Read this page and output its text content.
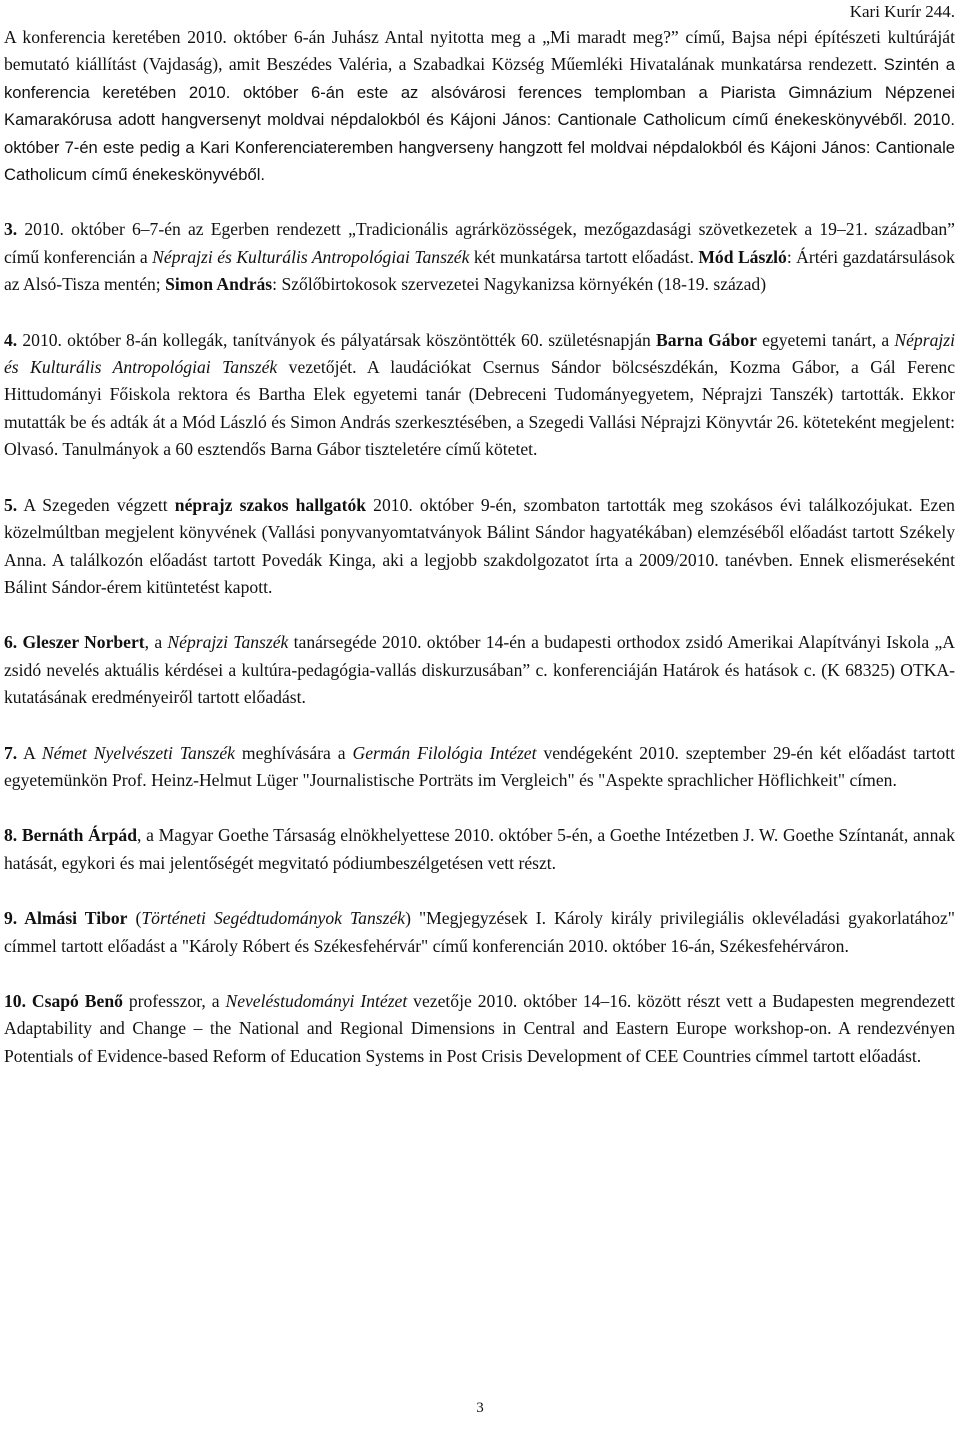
Kari Kurír 244.

A konferencia keretében 2010. október 6-án Juhász Antal nyitotta meg a „Mi maradt meg?” című, Bajsa népi építészeti kultúráját bemutató kiállítást (Vajdaság), amit Beszédes Valéria, a Szabadkai Község Műemléki Hivatalának munkatársa rendezett. Szintén a konferencia keretében 2010. október 6-án este az alsóvárosi ferences templomban a Piarista Gimnázium Népzenei Kamarakórusa adott hangversenyt moldvai népdalokból és Kájoni János: Cantionale Catholicum című énekeskönyvéből. 2010. október 7-én este pedig a Kari Konferenciateremben hangverseny hangzott fel moldvai népdalokból és Kájoni János: Cantionale Catholicum című énekeskönyvéből.

3. 2010. október 6–7-én az Egerben rendezett „Tradicionális agrárközösségek, mezőgazdasági szövetkezetek a 19–21. században” című konferencián a Néprajzi és Kulturális Antropológiai Tanszék két munkatársa tartott előadást. Mód László: Ártéri gazdatársulások az Alsó-Tisza mentén; Simon András: Szőlőbirtokosok szervezetei Nagykanizsa környékén (18-19. század)

4. 2010. október 8-án kollegák, tanítványok és pályatársak köszöntötték 60. születésnapján Barna Gábor egyetemi tanárt, a Néprajzi és Kulturális Antropológiai Tanszék vezetőjét. A laudációkat Csernus Sándor bölcsészdékán, Kozma Gábor, a Gál Ferenc Hittudományi Főiskola rektora és Bartha Elek egyetemi tanár (Debreceni Tudományegyetem, Néprajzi Tanszék) tartották. Ekkor mutatták be és adták át a Mód László és Simon András szerkesztésében, a Szegedi Vallási Néprajzi Könyvtár 26. köteteként megjelent: Olvasó. Tanulmányok a 60 esztendős Barna Gábor tiszteletére című kötetet.

5. A Szegeden végzett néprajz szakos hallgatók 2010. október 9-én, szombaton tartották meg szokásos évi találkozójukat. Ezen közelmúltban megjelent könyvének (Vallási ponyvanyomtatványok Bálint Sándor hagyatékában) elemzéséből előadást tartott Székely Anna. A találkozón előadást tartott Povedák Kinga, aki a legjobb szakdolgozatot írta a 2009/2010. tanévben. Ennek elismeréseként Bálint Sándor-érem kitüntetést kapott.

6. Gleszer Norbert, a Néprajzi Tanszék tanársegéde 2010. október 14-én a budapesti orthodox zsidó Amerikai Alapítványi Iskola „A zsidó nevelés aktuális kérdései a kultúra-pedagógia-vallás diskurzusában” c. konferenciáján Határok és hatások c. (K 68325) OTKA-kutatásának eredményeiről tartott előadást.

7. A Német Nyelvészeti Tanszék meghívására a Germán Filológia Intézet vendégeként 2010. szeptember 29-én két előadást tartott egyetemünkön Prof. Heinz-Helmut Lüger "Journalistische Porträts im Vergleich" és "Aspekte sprachlicher Höflichkeit" címen.

8. Bernáth Árpád, a Magyar Goethe Társaság elnökhelyettese 2010. október 5-én, a Goethe Intézetben J. W. Goethe Színtanát, annak hatását, egykori és mai jelentőségét megvitató pódiumbeszélgetésen vett részt.

9. Almási Tibor (Történeti Segédtudományok Tanszék) "Megjegyzések I. Károly király privilegiális oklevéladási gyakorlatához" címmel tartott előadást a "Károly Róbert és Székesfehérvár" című konferencián 2010. október 16-án, Székesfehérváron.

10. Csapó Benő professzor, a Neveléstudományi Intézet vezetője 2010. október 14–16. között részt vett a Budapesten megrendezett Adaptability and Change – the National and Regional Dimensions in Central and Eastern Europe workshop-on. A rendezvényen Potentials of Evidence-based Reform of Education Systems in Post Crisis Development of CEE Countries címmel tartott előadást.

3
